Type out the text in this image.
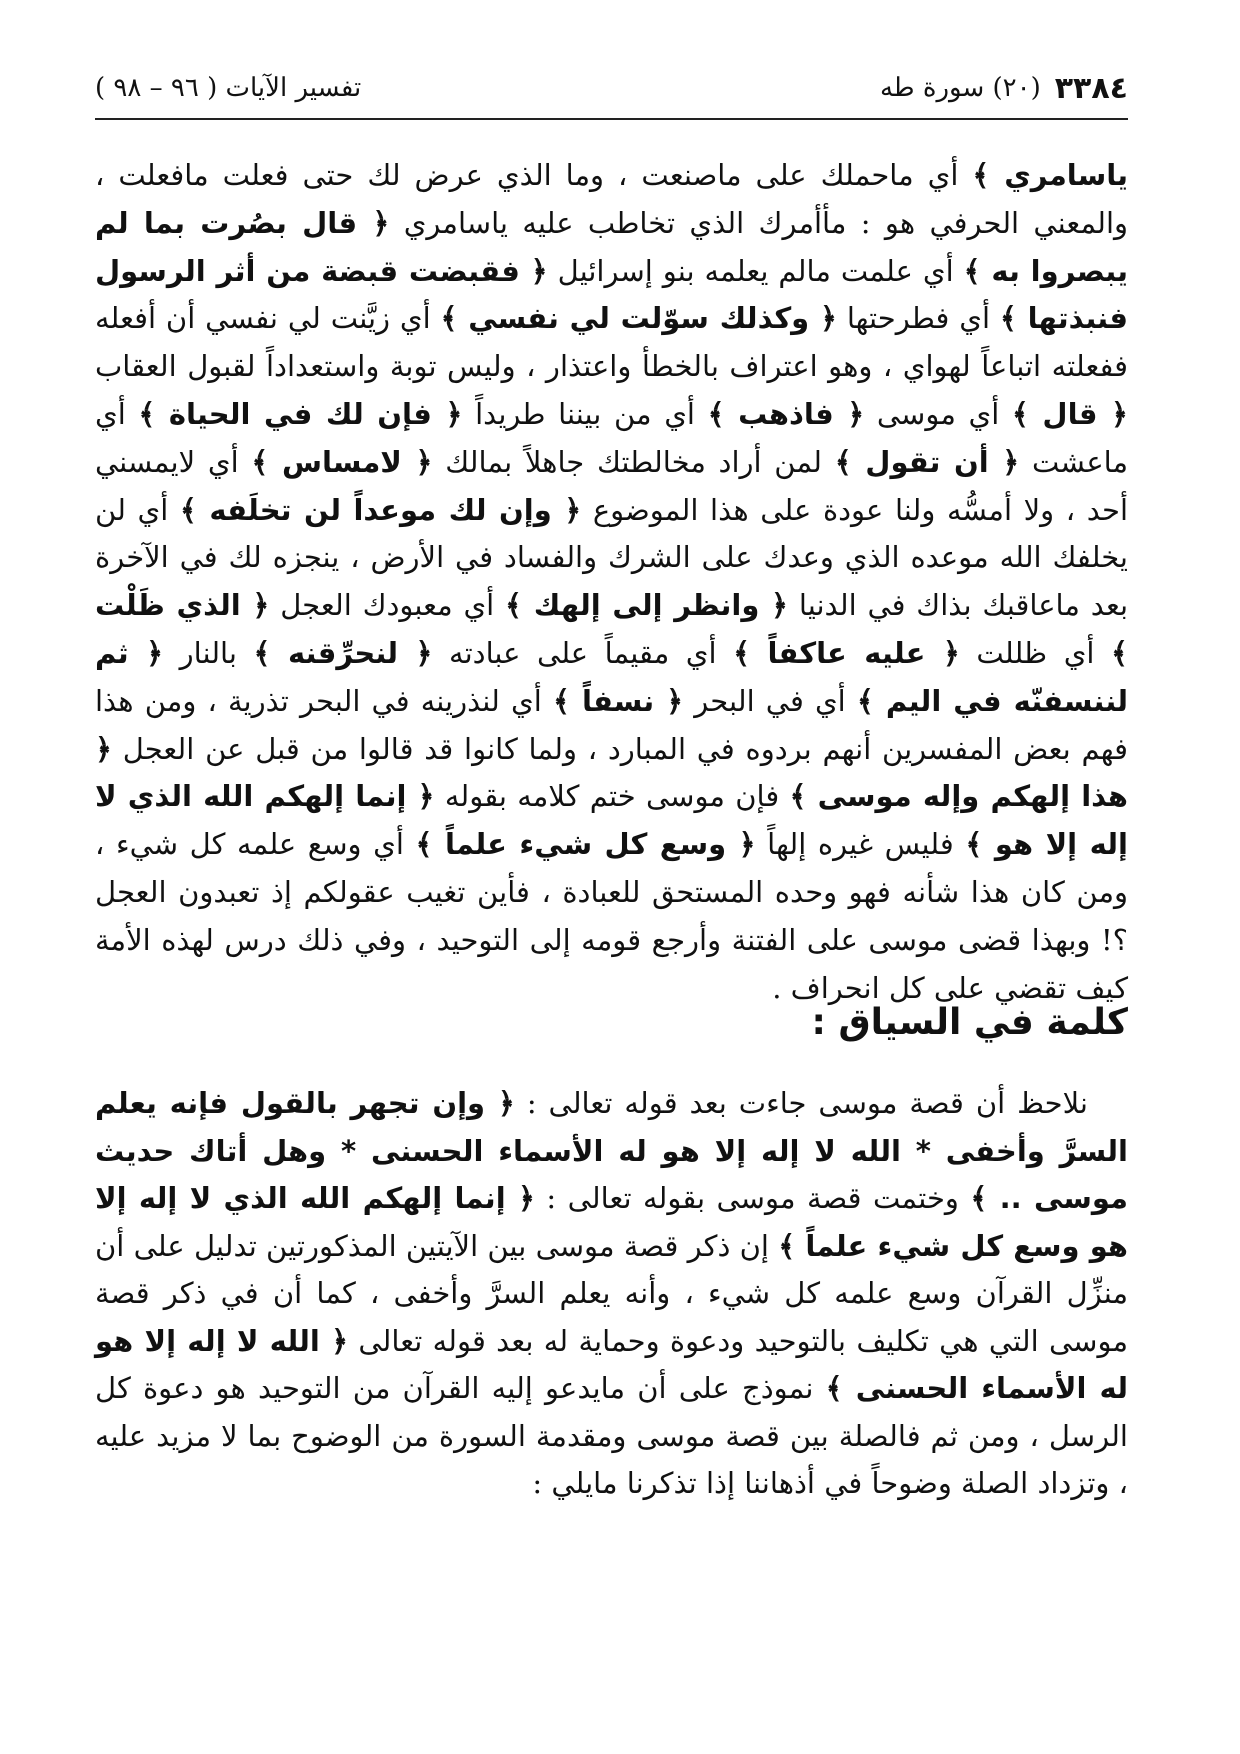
٣٣٨٤
(٢٠) سورة طه
تفسير الآيات ( ٩٦ – ٩٨ )

ياسامري ﴾ أي ماحملك على ماصنعت ، وما الذي عرض لك حتى فعلت مافعلت ، والمعني الحرفي هو : مأأمرك الذي تخاطب عليه ياسامري ﴿ قال بصُرت بما لم يبصروا به ﴾ أي علمت مالم يعلمه بنو إسرائيل ﴿ فقبضت قبضة من أثر الرسول فنبذتها ﴾ أي فطرحتها ﴿ وكذلك سوّلت لي نفسي ﴾ أي زيَّنت لي نفسي أن أفعله ففعلته اتباعاً لهواي ، وهو اعتراف بالخطأ واعتذار ، وليس توبة واستعداداً لقبول العقاب ﴿ قال ﴾ أي موسى ﴿ فاذهب ﴾ أي من بيننا طريداً ﴿ فإن لك في الحياة ﴾ أي ماعشت ﴿ أن تقول ﴾ لمن أراد مخالطتك جاهلاً بمالك ﴿ لامساس ﴾ أي لايمسني أحد ، ولا أمسُّه ولنا عودة على هذا الموضوع ﴿ وإن لك موعداً لن تخلَفه ﴾ أي لن يخلفك الله موعده الذي وعدك على الشرك والفساد في الأرض ، ينجزه لك في الآخرة بعد ماعاقبك بذاك في الدنيا ﴿ وانظر إلى إلهك ﴾ أي معبودك العجل ﴿ الذي ظَلْت ﴾ أي ظللت ﴿ عليه عاكفاً ﴾ أي مقيماً على عبادته ﴿ لنحرِّقنه ﴾ بالنار ﴿ ثم لننسفنّه في اليم ﴾ أي في البحر ﴿ نسفاً ﴾ أي لنذرينه في البحر تذرية ، ومن هذا فهم بعض المفسرين أنهم بردوه في المبارد ، ولما كانوا قد قالوا من قبل عن العجل ﴿ هذا إلهكم وإله موسى ﴾ فإن موسى ختم كلامه بقوله ﴿ إنما إلهكم الله الذي لا إله إلا هو ﴾ فليس غيره إلهاً ﴿ وسع كل شيء علماً ﴾ أي وسع علمه كل شيء ، ومن كان هذا شأنه فهو وحده المستحق للعبادة ، فأين تغيب عقولكم إذ تعبدون العجل ؟! وبهذا قضى موسى على الفتنة وأرجع قومه إلى التوحيد ، وفي ذلك درس لهذه الأمة كيف تقضي على كل انحراف .

كلمة في السياق :

نلاحظ أن قصة موسى جاءت بعد قوله تعالى : ﴿ وإن تجهر بالقول فإنه يعلم السرَّ وأخفى * الله لا إله إلا هو له الأسماء الحسنى * وهل أتاك حديث موسى .. ﴾ وختمت قصة موسى بقوله تعالى : ﴿ إنما إلهكم الله الذي لا إله إلا هو وسع كل شيء علماً ﴾ إن ذكر قصة موسى بين الآيتين المذكورتين تدليل على أن منزِّل القرآن وسع علمه كل شيء ، وأنه يعلم السرَّ وأخفى ، كما أن في ذكر قصة موسى التي هي تكليف بالتوحيد ودعوة وحماية له بعد قوله تعالى ﴿ الله لا إله إلا هو له الأسماء الحسنى ﴾ نموذج على أن مايدعو إليه القرآن من التوحيد هو دعوة كل الرسل ، ومن ثم فالصلة بين قصة موسى ومقدمة السورة من الوضوح بما لا مزيد عليه ، وتزداد الصلة وضوحاً في أذهاننا إذا تذكرنا مايلي :
